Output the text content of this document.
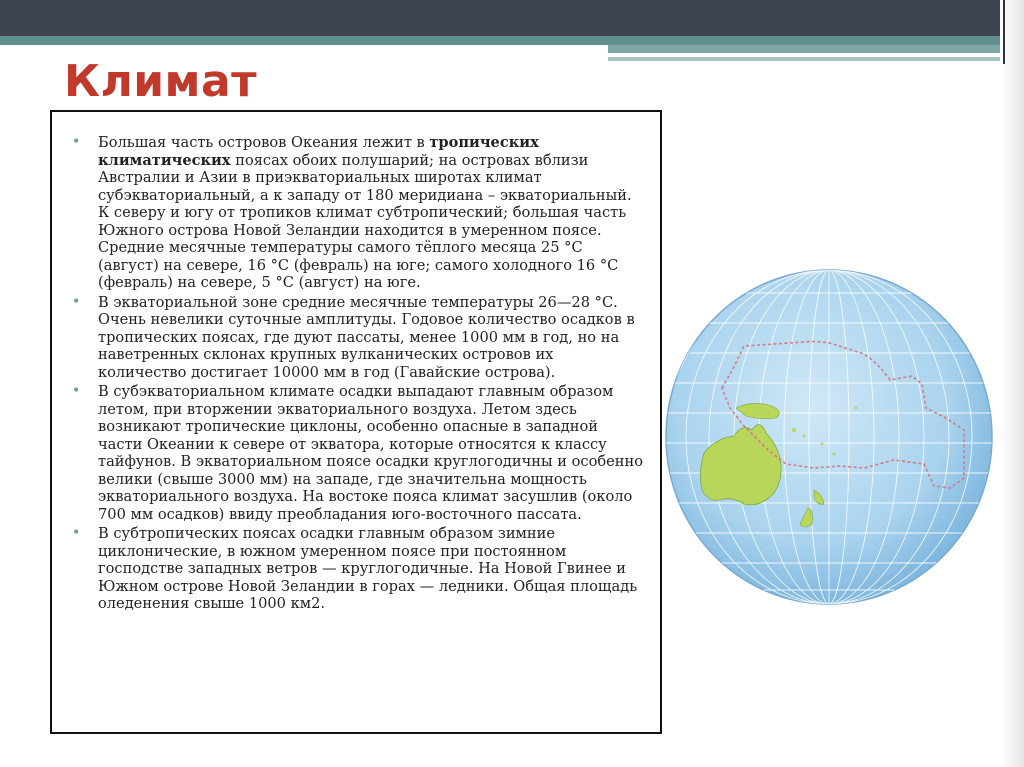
Климат
• Большая часть островов Океания лежит в тропических климатических поясах обоих полушарий; на островах вблизи Австралии и Азии в приэкваториальных широтах климат субэкваториальный, а к западу от 180 меридиана – экваториальный. К северу и югу от тропиков климат субтропический; большая часть Южного острова Новой Зеландии находится в умеренном поясе. Средние месячные температуры самого тёплого месяца 25 °С (август) на севере, 16 °С (февраль) на юге; самого холодного 16 °С (февраль) на севере, 5 °С (август) на юге.
• В экваториальной зоне средние месячные температуры 26—28 °С. Очень невелики суточные амплитуды. Годовое количество осадков в тропических поясах, где дуют пассаты, менее 1000 мм в год, но на наветренных склонах крупных вулканических островов их количество достигает 10000 мм в год (Гавайские острова).
• В субэкваториальном климате осадки выпадают главным образом летом, при вторжении экваториального воздуха. Летом здесь возникают тропические циклоны, особенно опасные в западной части Океании к севере от экватора, которые относятся к классу тайфунов. В экваториальном поясе осадки круглогодичны и особенно велики (свыше 3000 мм) на западе, где значительна мощность экваториального воздуха. На востоке пояса климат засушлив (около 700 мм осадков) ввиду преобладания юго-восточного пассата.
• В субтропических поясах осадки главным образом зимние циклонические, в южном умеренном поясе при постоянном господстве западных ветров — круглогодичные. На Новой Гвинее и Южном острове Новой Зеландии в горах — ледники. Общая площадь оледенения свыше 1000 км2.
